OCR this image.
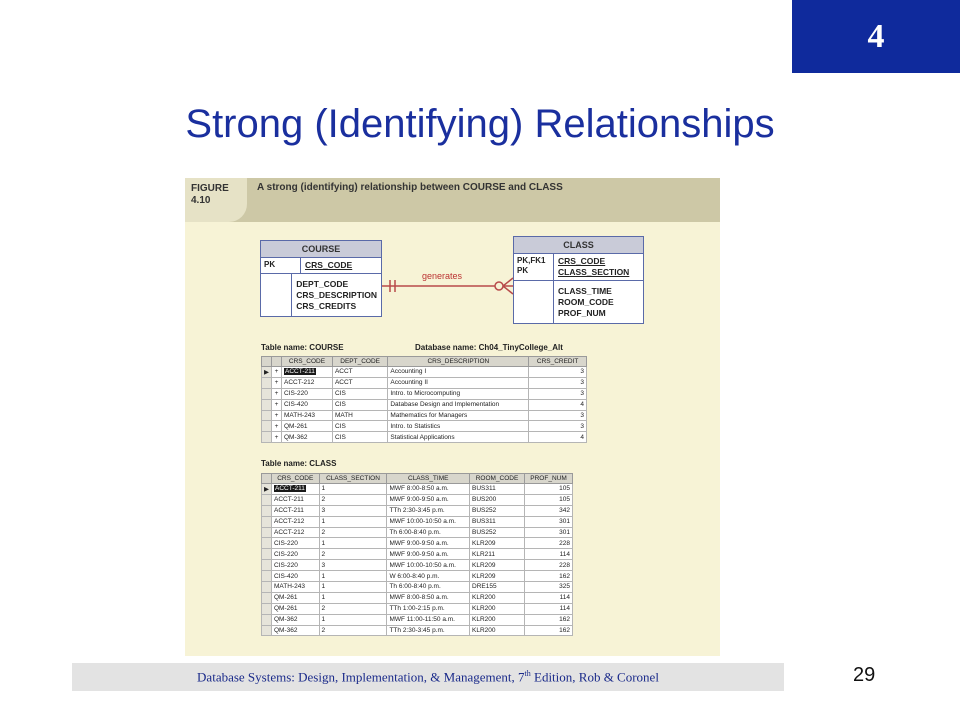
4
Strong (Identifying) Relationships
FIGURE
4.10
A strong (identifying) relationship between COURSE and CLASS
COURSE
PK	CRS_CODE
DEPT_CODE
CRS_DESCRIPTION
CRS_CREDITS
CLASS
PK,FK1
PK
CRS_CODE
CLASS_SECTION
CLASS_TIME
ROOM_CODE
PROF_NUM
generates
Table name: COURSE	Database name: Ch04_TinyCollege_Alt
		CRS_CODE	DEPT_CODE	CRS_DESCRIPTION	CRS_CREDIT
▶	+	ACCT-211	ACCT	Accounting I	3
	+	ACCT-212	ACCT	Accounting II	3
	+	CIS-220	CIS	Intro. to Microcomputing	3
	+	CIS-420	CIS	Database Design and Implementation	4
	+	MATH-243	MATH	Mathematics for Managers	3
	+	QM-261	CIS	Intro. to Statistics	3
	+	QM-362	CIS	Statistical Applications	4
Table name: CLASS
	CRS_CODE	CLASS_SECTION	CLASS_TIME	ROOM_CODE	PROF_NUM
▶	ACCT-211	1	MWF 8:00-8:50 a.m.	BUS311	105
	ACCT-211	2	MWF 9:00-9:50 a.m.	BUS200	105
	ACCT-211	3	TTh 2:30-3:45 p.m.	BUS252	342
	ACCT-212	1	MWF 10:00-10:50 a.m.	BUS311	301
	ACCT-212	2	Th 6:00-8:40 p.m.	BUS252	301
	CIS-220	1	MWF 9:00-9:50 a.m.	KLR209	228
	CIS-220	2	MWF 9:00-9:50 a.m.	KLR211	114
	CIS-220	3	MWF 10:00-10:50 a.m.	KLR209	228
	CIS-420	1	W 6:00-8:40 p.m.	KLR209	162
	MATH-243	1	Th 6:00-8:40 p.m.	DRE155	325
	QM-261	1	MWF 8:00-8:50 a.m.	KLR200	114
	QM-261	2	TTh 1:00-2:15 p.m.	KLR200	114
	QM-362	1	MWF 11:00-11:50 a.m.	KLR200	162
	QM-362	2	TTh 2:30-3:45 p.m.	KLR200	162
Database Systems: Design, Implementation, & Management, 7th Edition, Rob & Coronel	29
